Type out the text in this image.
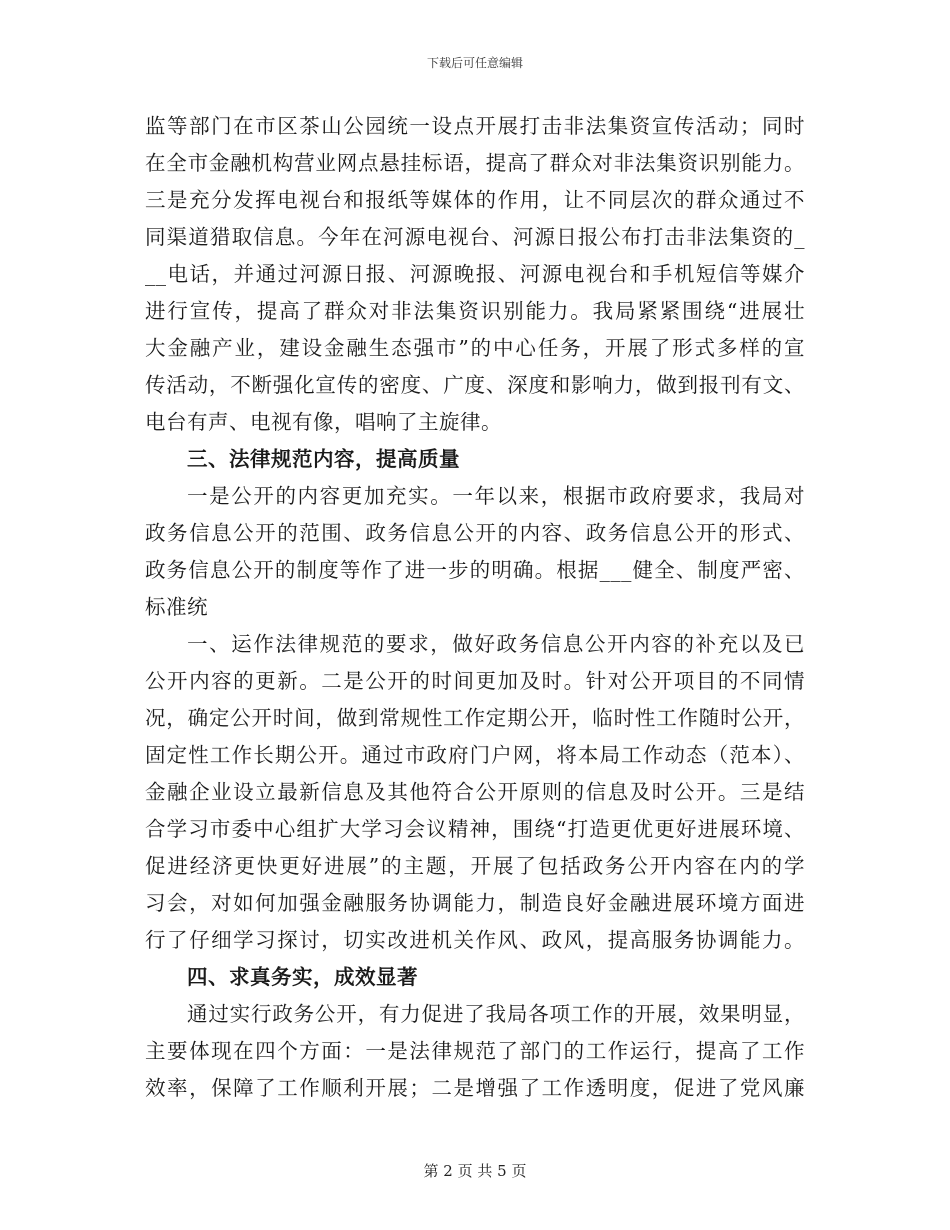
下载后可任意编辑
监等部门在市区茶山公园统一设点开展打击非法集资宣传活动；同时
在全市金融机构营业网点悬挂标语，提高了群众对非法集资识别能力。
三是充分发挥电视台和报纸等媒体的作用，让不同层次的群众通过不
同渠道猎取信息。今年在河源电视台、河源日报公布打击非法集资的_
__电话，并通过河源日报、河源晚报、河源电视台和手机短信等媒介
进行宣传，提高了群众对非法集资识别能力。我局紧紧围绕“进展壮
大金融产业，建设金融生态强市”的中心任务，开展了形式多样的宣
传活动，不断强化宣传的密度、广度、深度和影响力，做到报刊有文、
电台有声、电视有像，唱响了主旋律。
三、法律规范内容，提高质量
一是公开的内容更加充实。一年以来，根据市政府要求，我局对
政务信息公开的范围、政务信息公开的内容、政务信息公开的形式、
政务信息公开的制度等作了进一步的明确。根据___健全、制度严密、
标准统
一、运作法律规范的要求，做好政务信息公开内容的补充以及已
公开内容的更新。二是公开的时间更加及时。针对公开项目的不同情
况，确定公开时间，做到常规性工作定期公开，临时性工作随时公开，
固定性工作长期公开。通过市政府门户网，将本局工作动态（范本）、
金融企业设立最新信息及其他符合公开原则的信息及时公开。三是结
合学习市委中心组扩大学习会议精神，围绕“打造更优更好进展环境、
促进经济更快更好进展”的主题，开展了包括政务公开内容在内的学
习会，对如何加强金融服务协调能力，制造良好金融进展环境方面进
行了仔细学习探讨，切实改进机关作风、政风，提高服务协调能力。
四、求真务实，成效显著
通过实行政务公开，有力促进了我局各项工作的开展，效果明显，
主要体现在四个方面：一是法律规范了部门的工作运行，提高了工作
效率，保障了工作顺利开展；二是增强了工作透明度，促进了党风廉
第 2 页 共 5 页
